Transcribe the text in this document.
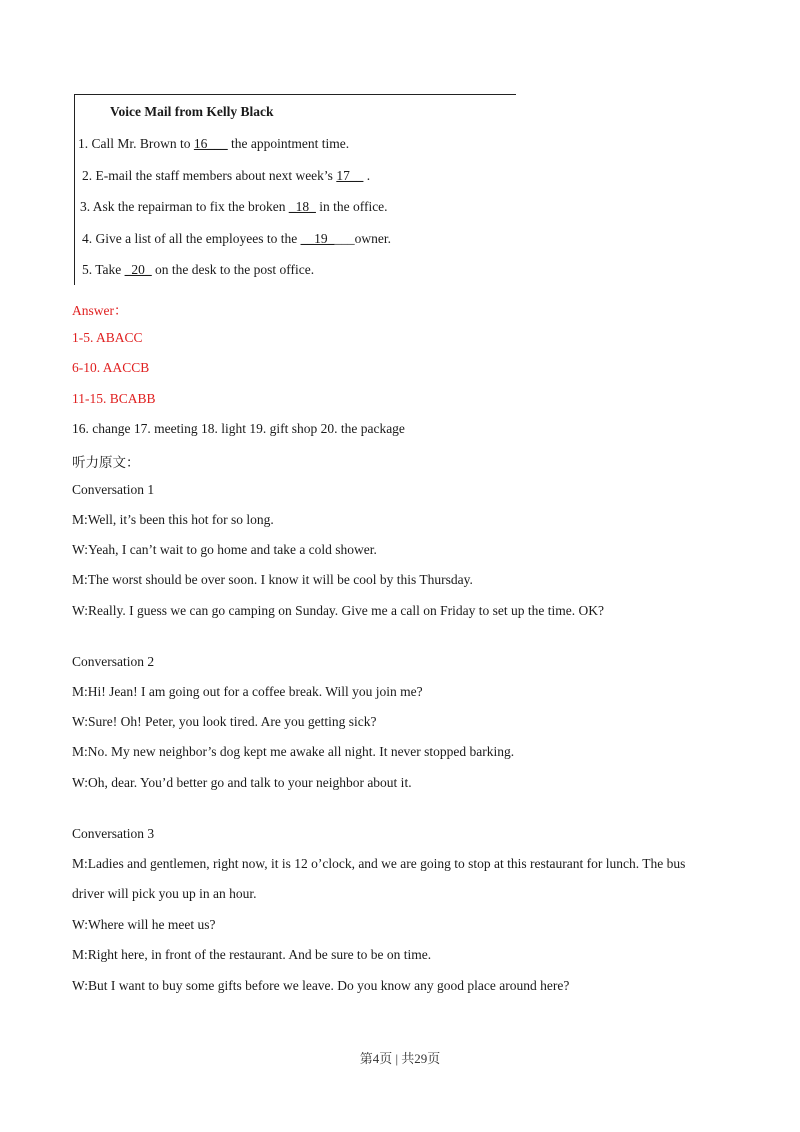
Voice Mail from Kelly Black
1. Call Mr. Brown to 16___ the appointment time.
2. E-mail the staff members about next week’s 17__ .
3. Ask the repairman to fix the broken _18_ in the office.
4. Give a list of all the employees to the __19____owner.
5. Take _20_ on the desk to the post office.
Answer：
1-5. ABACC
6-10. AACCB
11-15. BCABB
16. change 17. meeting 18. light 19. gift shop 20. the package
听力原文：
Conversation 1
M:Well, it’s been this hot for so long.
W:Yeah, I can’t wait to go home and take a cold shower.
M:The worst should be over soon. I know it will be cool by this Thursday.
W:Really. I guess we can go camping on Sunday. Give me a call on Friday to set up the time. OK?
Conversation 2
M:Hi! Jean! I am going out for a coffee break. Will you join me?
W:Sure! Oh! Peter, you look tired. Are you getting sick?
M:No. My new neighbor’s dog kept me awake all night. It never stopped barking.
W:Oh, dear. You’d better go and talk to your neighbor about it.
Conversation 3
M:Ladies and gentlemen, right now, it is 12 o’clock, and we are going to stop at this restaurant for lunch. The bus
driver will pick you up in an hour.
W:Where will he meet us?
M:Right here, in front of the restaurant. And be sure to be on time.
W:But I want to buy some gifts before we leave. Do you know any good place around here?
第4页 | 共29页
